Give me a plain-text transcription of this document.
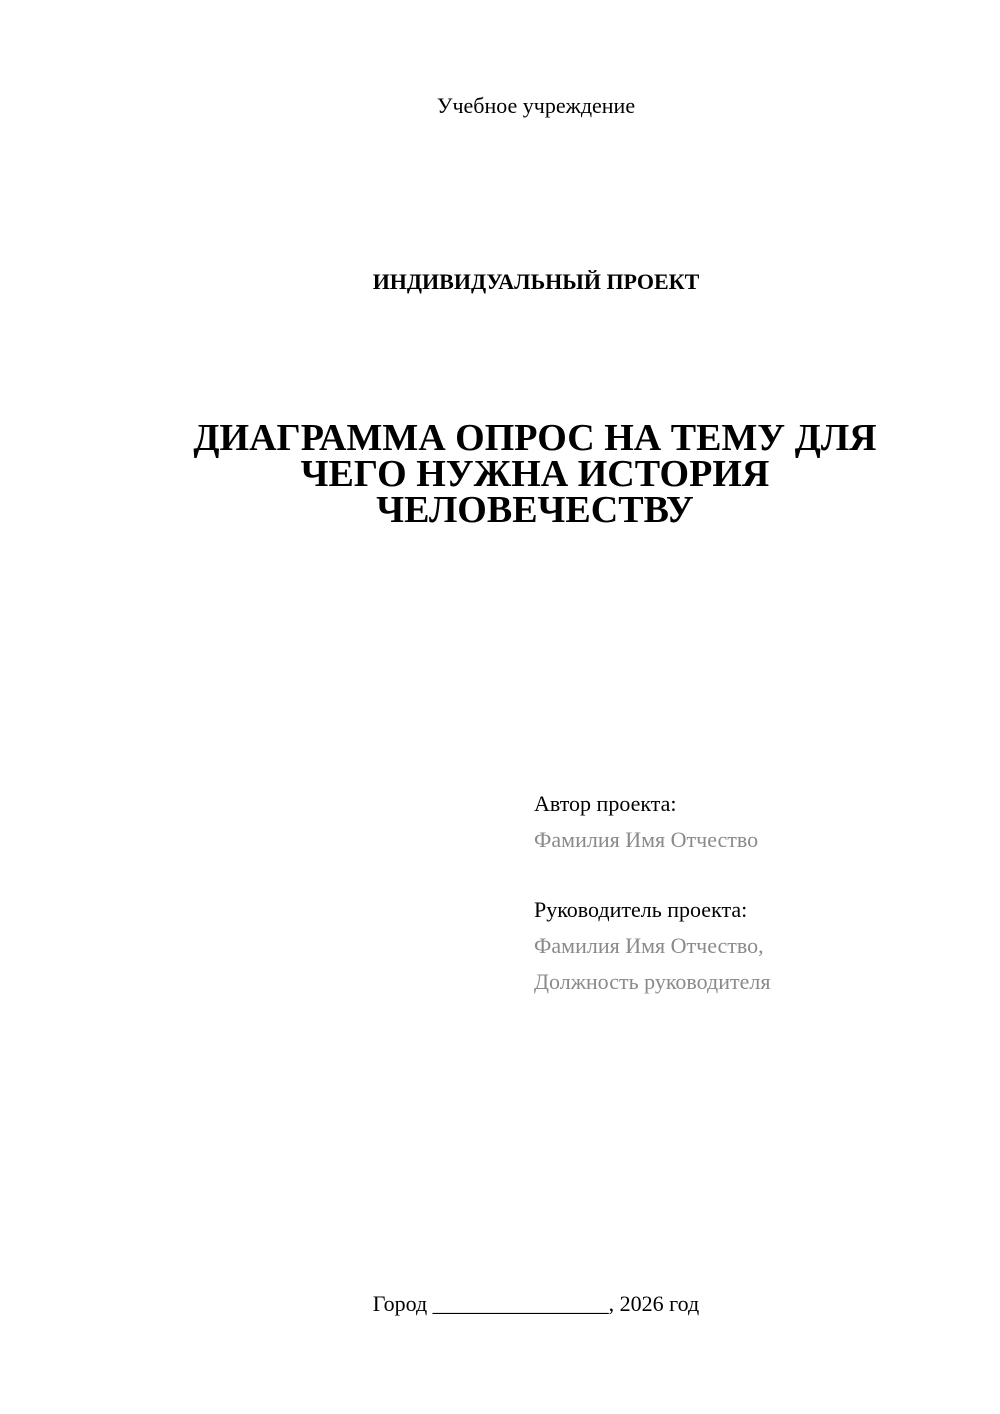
Учебное учреждение
ИНДИВИДУАЛЬНЫЙ ПРОЕКТ
ДИАГРАММА ОПРОС НА ТЕМУ ДЛЯ
ЧЕГО НУЖНА ИСТОРИЯ
ЧЕЛОВЕЧЕСТВУ
Автор проекта:
Фамилия Имя Отчество
Руководитель проекта:
Фамилия Имя Отчество,
Должность руководителя
Город ________________, 2026 год
